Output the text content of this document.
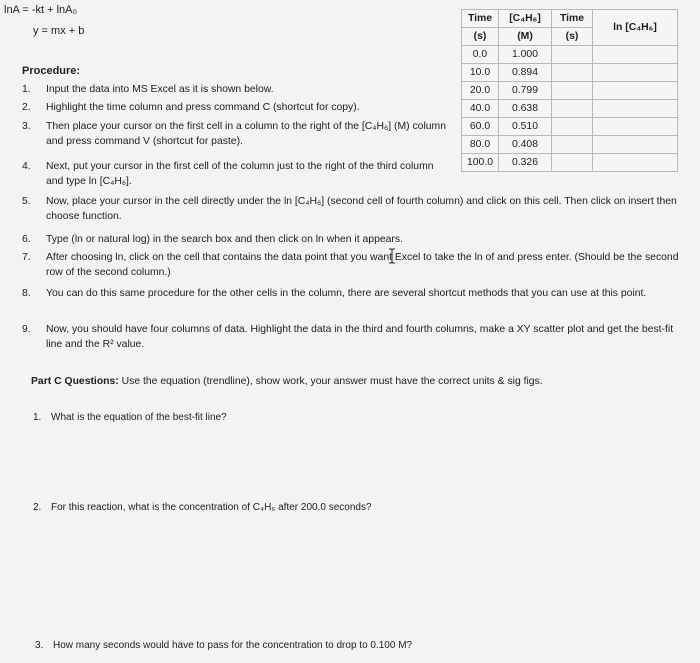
lnA = -kt + lnA₀
y = mx + b
Time	[C₄H₆]	Time	ln [C₄H₆]
(s)	(M)	(s)	
0.0	1.000		
10.0	0.894		
20.0	0.799		
40.0	0.638		
60.0	0.510		
80.0	0.408		
100.0	0.326		
Procedure:
1. Input the data into MS Excel as it is shown below.
2. Highlight the time column and press command C (shortcut for copy).
3. Then place your cursor on the first cell in a column to the right of the [C₄H₆] (M) column and press command V (shortcut for paste).
4. Next, put your cursor in the first cell of the column just to the right of the third column and type ln [C₄H₆].
5. Now, place your cursor in the cell directly under the ln [C₄H₆] (second cell of fourth column) and click on this cell. Then click on insert then choose function.
6. Type (ln or natural log) in the search box and then click on ln when it appears.
7. After choosing ln, click on the cell that contains the data point that you want Excel to take the ln of and press enter. (Should be the second row of the second column.)
8. You can do this same procedure for the other cells in the column, there are several shortcut methods that you can use at this point.
9. Now, you should have four columns of data. Highlight the data in the third and fourth columns, make a XY scatter plot and get the best-fit line and the R² value.
Part C Questions: Use the equation (trendline), show work, your answer must have the correct units & sig figs.
1. What is the equation of the best-fit line?
2. For this reaction, what is the concentration of C₄H₆ after 200.0 seconds?
3. How many seconds would have to pass for the concentration to drop to 0.100 M?
